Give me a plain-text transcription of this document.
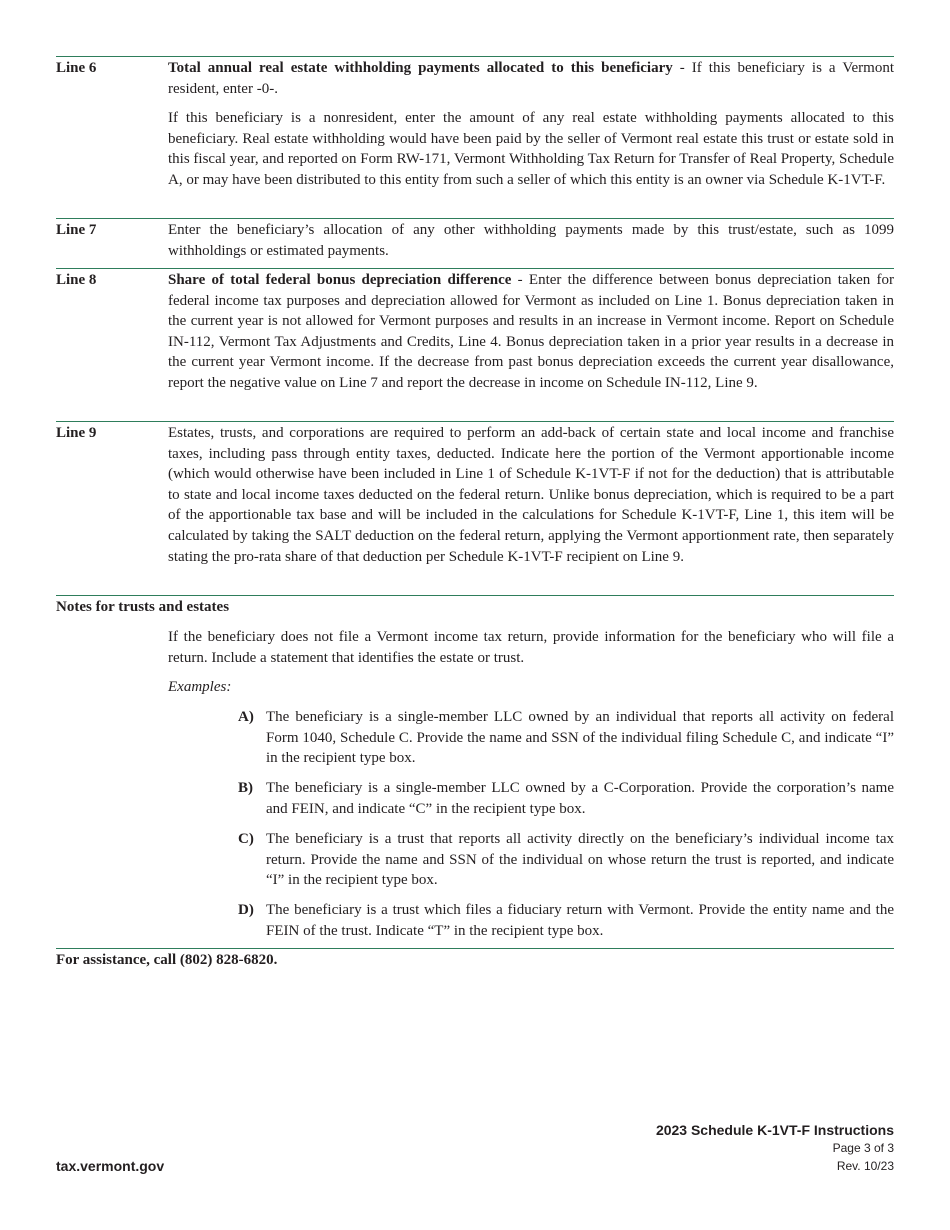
Line 6	Total annual real estate withholding payments allocated to this beneficiary - If this beneficiary is a Vermont resident, enter -0-.

If this beneficiary is a nonresident, enter the amount of any real estate withholding payments allocated to this beneficiary. Real estate withholding would have been paid by the seller of Vermont real estate this trust or estate sold in this fiscal year, and reported on Form RW-171, Vermont Withholding Tax Return for Transfer of Real Property, Schedule A, or may have been distributed to this entity from such a seller of which this entity is an owner via Schedule K-1VT-F.

Line 7	Enter the beneficiary’s allocation of any other withholding payments made by this trust/estate, such as 1099 withholdings or estimated payments.

Line 8	Share of total federal bonus depreciation difference - Enter the difference between bonus depreciation taken for federal income tax purposes and depreciation allowed for Vermont as included on Line 1. Bonus depreciation taken in the current year is not allowed for Vermont purposes and results in an increase in Vermont income. Report on Schedule IN-112, Vermont Tax Adjustments and Credits, Line 4. Bonus depreciation taken in a prior year results in a decrease in the current year Vermont income. If the decrease from past bonus depreciation exceeds the current year disallowance, report the negative value on Line 7 and report the decrease in income on Schedule IN-112, Line 9.

Line 9	Estates, trusts, and corporations are required to perform an add-back of certain state and local income and franchise taxes, including pass through entity taxes, deducted. Indicate here the portion of the Vermont apportionable income (which would otherwise have been included in Line 1 of Schedule K-1VT-F if not for the deduction) that is attributable to state and local income taxes deducted on the federal return. Unlike bonus depreciation, which is required to be a part of the apportionable tax base and will be included in the calculations for Schedule K-1VT-F, Line 1, this item will be calculated by taking the SALT deduction on the federal return, applying the Vermont apportionment rate, then separately stating the pro-rata share of that deduction per Schedule K-1VT-F recipient on Line 9.

Notes for trusts and estates

If the beneficiary does not file a Vermont income tax return, provide information for the beneficiary who will file a return. Include a statement that identifies the estate or trust.

Examples:

A) The beneficiary is a single-member LLC owned by an individual that reports all activity on federal Form 1040, Schedule C. Provide the name and SSN of the individual filing Schedule C, and indicate “I” in the recipient type box.

B) The beneficiary is a single-member LLC owned by a C-Corporation. Provide the corporation’s name and FEIN, and indicate “C” in the recipient type box.

C) The beneficiary is a trust that reports all activity directly on the beneficiary’s individual income tax return. Provide the name and SSN of the individual on whose return the trust is reported, and indicate “I” in the recipient type box.

D) The beneficiary is a trust which files a fiduciary return with Vermont. Provide the entity name and the FEIN of the trust. Indicate “T” in the recipient type box.

For assistance, call (802) 828-6820.
2023 Schedule K-1VT-F Instructions
Page 3 of 3
tax.vermont.gov	Rev. 10/23
